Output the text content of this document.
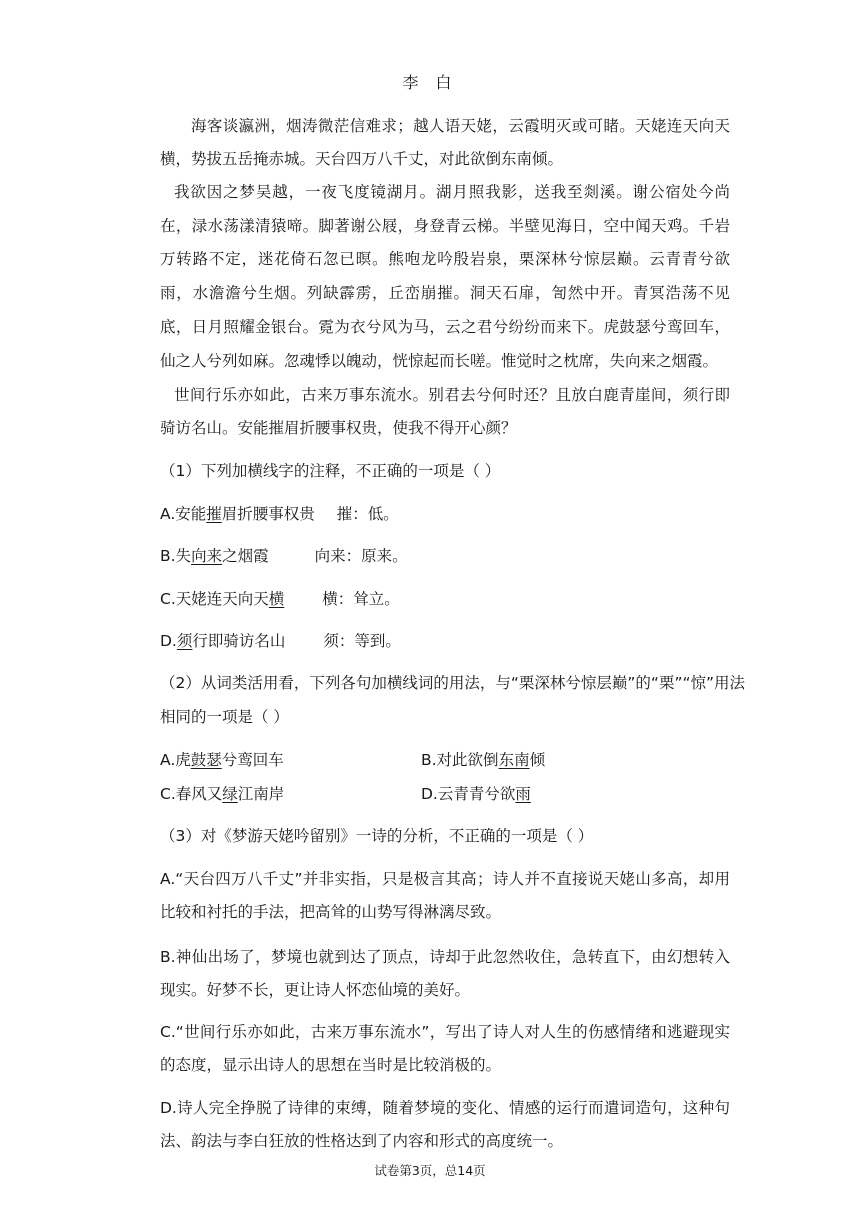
李 白
海客谈瀛洲，烟涛微茫信难求；越人语天姥，云霞明灭或可睹。天姥连天向天横，势拔五岳掩赤城。天台四万八千丈，对此欲倒东南倾。
我欲因之梦吴越，一夜飞度镜湖月。湖月照我影，送我至剡溪。谢公宿处今尚在，渌水荡漾清猿啼。脚著谢公屐，身登青云梯。半壁见海日，空中闻天鸡。千岩万转路不定，迷花倚石忽已暝。熊咆龙吟殷岩泉，栗深林兮惊层巅。云青青兮欲雨，水澹澹兮生烟。列缺霹雳，丘峦崩摧。洞天石扉，訇然中开。青冥浩荡不见底，日月照耀金银台。霓为衣兮风为马，云之君兮纷纷而来下。虎鼓瑟兮鸾回车，仙之人兮列如麻。忽魂悸以魄动，恍惊起而长嗟。惟觉时之枕席，失向来之烟霞。
世间行乐亦如此，古来万事东流水。别君去兮何时还？且放白鹿青崖间，须行即骑访名山。安能摧眉折腰事权贵，使我不得开心颜？
（1）下列加横线字的注释，不正确的一项是（ ）
A.安能摧眉折腰事权贵 摧：低。
B.失向来之烟霞	向来：原来。
C.天姥连天向天横 横：耸立。
D.须行即骑访名山 须：等到。
（2）从词类活用看，下列各句加横线词的用法，与“栗深林兮惊层巅”的“栗”“惊”用法
相同的一项是（ ）
A.虎鼓瑟兮鸾回车	B.对此欲倒东南倾
C.春风又绿江南岸	D.云青青兮欲雨
（3）对《梦游天姥吟留别》一诗的分析，不正确的一项是（ ）
A.“天台四万八千丈”并非实指，只是极言其高；诗人并不直接说天姥山多高，却用比较和衬托的手法，把高耸的山势写得淋漓尽致。
B.神仙出场了，梦境也就到达了顶点，诗却于此忽然收住，急转直下，由幻想转入现实。好梦不长，更让诗人怀恋仙境的美好。
C.“世间行乐亦如此，古来万事东流水”，写出了诗人对人生的伤感情绪和逃避现实的态度，显示出诗人的思想在当时是比较消极的。
D.诗人完全挣脱了诗律的束缚，随着梦境的变化、情感的运行而遣词造句，这种句法、韵法与李白狂放的性格达到了内容和形式的高度统一。
试卷第3页，总14页
